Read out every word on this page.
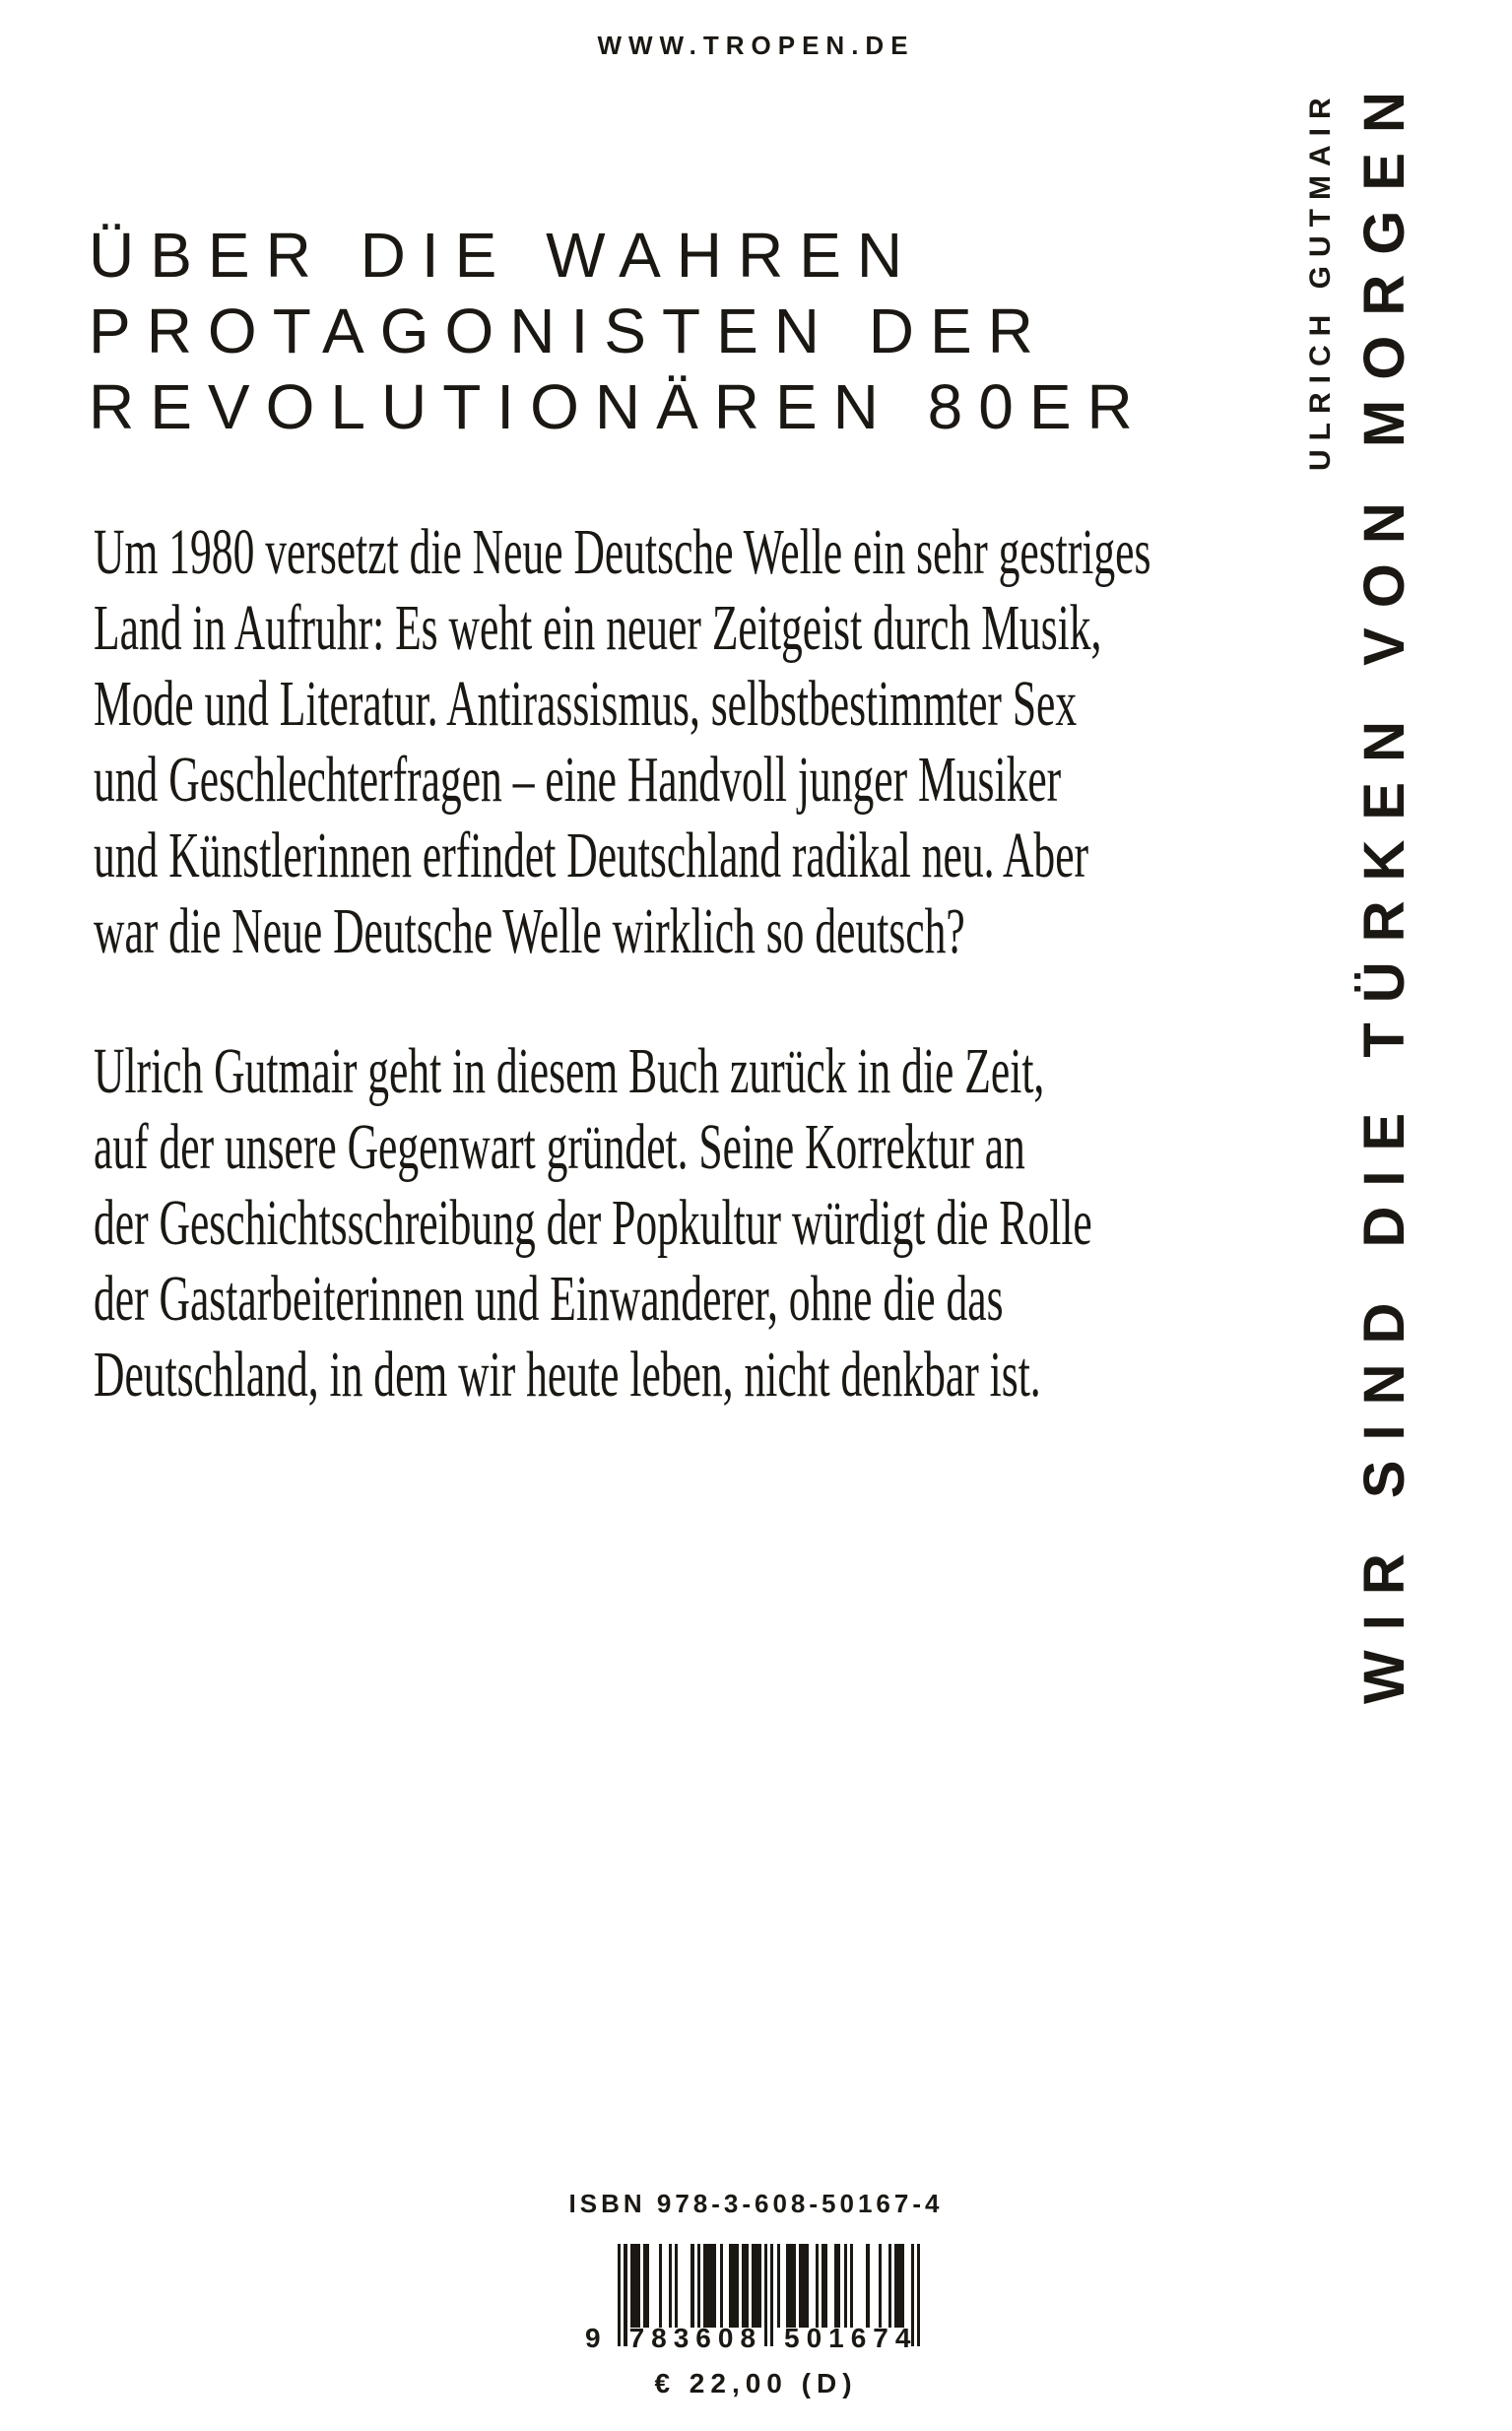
WWW.TROPEN.DE
ÜBER DIE WAHREN
PROTAGONISTEN DER
REVOLUTIONÄREN 80ER
Um 1980 versetzt die Neue Deutsche Welle ein sehr gestriges
Land in Aufruhr: Es weht ein neuer Zeitgeist durch Musik,
Mode und Literatur. Antirassismus, selbstbestimmter Sex
und Geschlechterfragen – eine Handvoll junger Musiker
und Künstlerinnen erfindet Deutschland radikal neu. Aber
war die Neue Deutsche Welle wirklich so deutsch?
Ulrich Gutmair geht in diesem Buch zurück in die Zeit,
auf der unsere Gegenwart gründet. Seine Korrektur an
der Geschichtsschreibung der Popkultur würdigt die Rolle
der Gastarbeiterinnen und Einwanderer, ohne die das
Deutschland, in dem wir heute leben, nicht denkbar ist.
ULRICH GUTMAIR WIR SIND DIE TÜRKEN VON MORGEN
ISBN 978-3-608-50167-4
9 783608 501674
€ 22,00 (D)
